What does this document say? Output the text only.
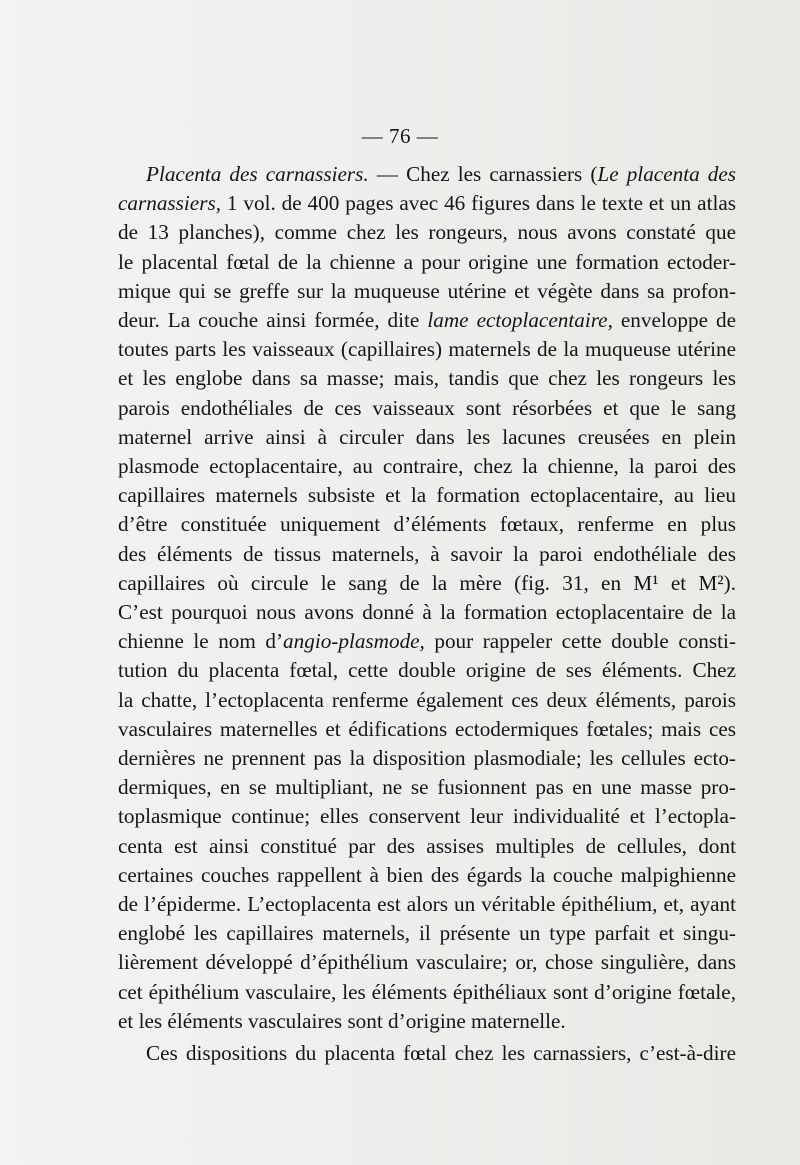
— 76 —
Placenta des carnassiers. — Chez les carnassiers (Le placenta des
carnassiers, 1 vol. de 400 pages avec 46 figures dans le texte et un atlas
de 13 planches), comme chez les rongeurs, nous avons constaté que
le placental fœtal de la chienne a pour origine une formation ectoder-
mique qui se greffe sur la muqueuse utérine et végète dans sa profon-
deur. La couche ainsi formée, dite lame ectoplacentaire, enveloppe de
toutes parts les vaisseaux (capillaires) maternels de la muqueuse utérine
et les englobe dans sa masse; mais, tandis que chez les rongeurs les
parois endothéliales de ces vaisseaux sont résorbées et que le sang
maternel arrive ainsi à circuler dans les lacunes creusées en plein
plasmode ectoplacentaire, au contraire, chez la chienne, la paroi des
capillaires maternels subsiste et la formation ectoplacentaire, au lieu
d’être constituée uniquement d’éléments fœtaux, renferme en plus
des éléments de tissus maternels, à savoir la paroi endothéliale des
capillaires où circule le sang de la mère (fig. 31, en M¹ et M²).
C’est pourquoi nous avons donné à la formation ectoplacentaire de la
chienne le nom d’angio-plasmode, pour rappeler cette double consti-
tution du placenta fœtal, cette double origine de ses éléments. Chez
la chatte, l’ectoplacenta renferme également ces deux éléments, parois
vasculaires maternelles et édifications ectodermiques fœtales; mais ces
dernières ne prennent pas la disposition plasmodiale; les cellules ecto-
dermiques, en se multipliant, ne se fusionnent pas en une masse pro-
toplasmique continue; elles conservent leur individualité et l’ectopla-
centa est ainsi constitué par des assises multiples de cellules, dont
certaines couches rappellent à bien des égards la couche malpighienne
de l’épiderme. L’ectoplacenta est alors un véritable épithélium, et, ayant
englobé les capillaires maternels, il présente un type parfait et singu-
lièrement développé d’épithélium vasculaire; or, chose singulière, dans
cet épithélium vasculaire, les éléments épithéliaux sont d’origine fœtale,
et les éléments vasculaires sont d’origine maternelle.
Ces dispositions du placenta fœtal chez les carnassiers, c’est-à-dire
